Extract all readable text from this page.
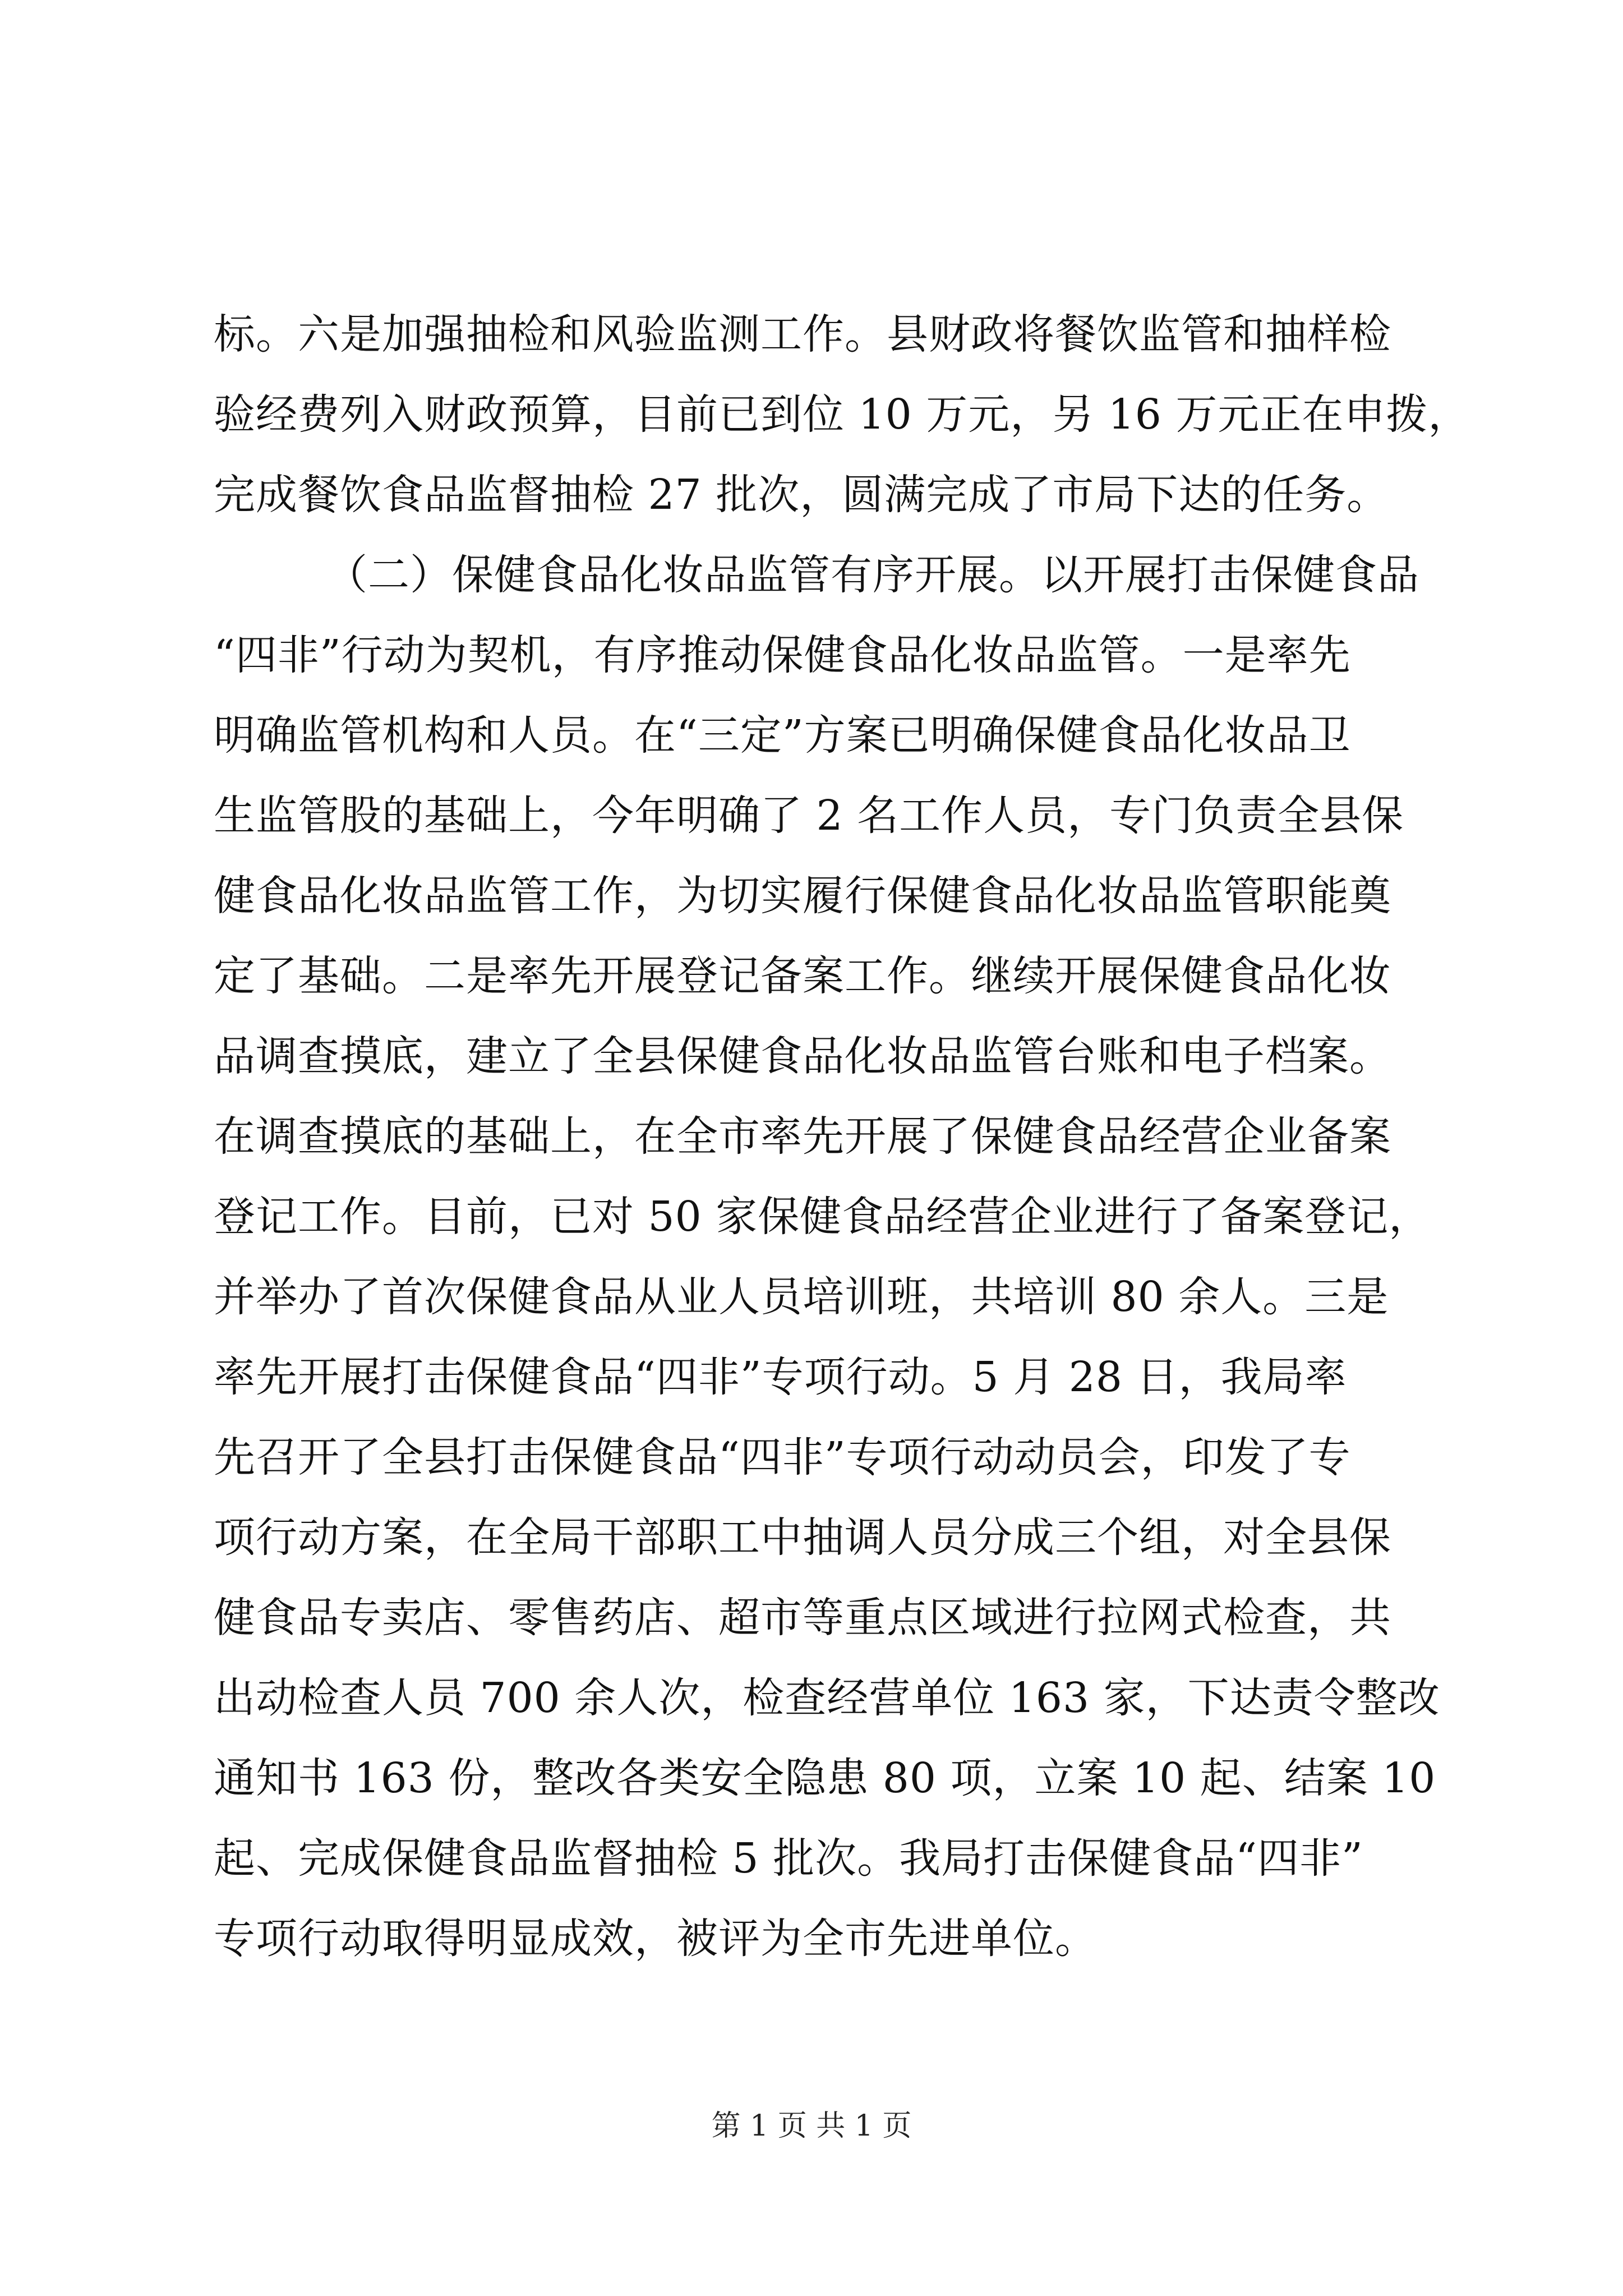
标。六是加强抽检和风验监测工作。县财政将餐饮监管和抽样检
验经费列入财政预算，目前已到位 10 万元，另 16 万元正在申拨，
完成餐饮食品监督抽检 27 批次，圆满完成了市局下达的任务。
（二）保健食品化妆品监管有序开展。以开展打击保健食品
“四非”行动为契机，有序推动保健食品化妆品监管。一是率先
明确监管机构和人员。在“三定”方案已明确保健食品化妆品卫
生监管股的基础上，今年明确了 2 名工作人员，专门负责全县保
健食品化妆品监管工作，为切实履行保健食品化妆品监管职能奠
定了基础。二是率先开展登记备案工作。继续开展保健食品化妆
品调查摸底，建立了全县保健食品化妆品监管台账和电子档案。
在调查摸底的基础上，在全市率先开展了保健食品经营企业备案
登记工作。目前，已对 50 家保健食品经营企业进行了备案登记，
并举办了首次保健食品从业人员培训班，共培训 80 余人。三是
率先开展打击保健食品“四非”专项行动。5 月 28 日，我局率
先召开了全县打击保健食品“四非”专项行动动员会，印发了专
项行动方案，在全局干部职工中抽调人员分成三个组，对全县保
健食品专卖店、零售药店、超市等重点区域进行拉网式检查，共
出动检查人员 700 余人次，检查经营单位 163 家，下达责令整改
通知书 163 份，整改各类安全隐患 80 项，立案 10 起、结案 10
起、完成保健食品监督抽检 5 批次。我局打击保健食品“四非”
专项行动取得明显成效，被评为全市先进单位。
第 1 页 共 1 页
